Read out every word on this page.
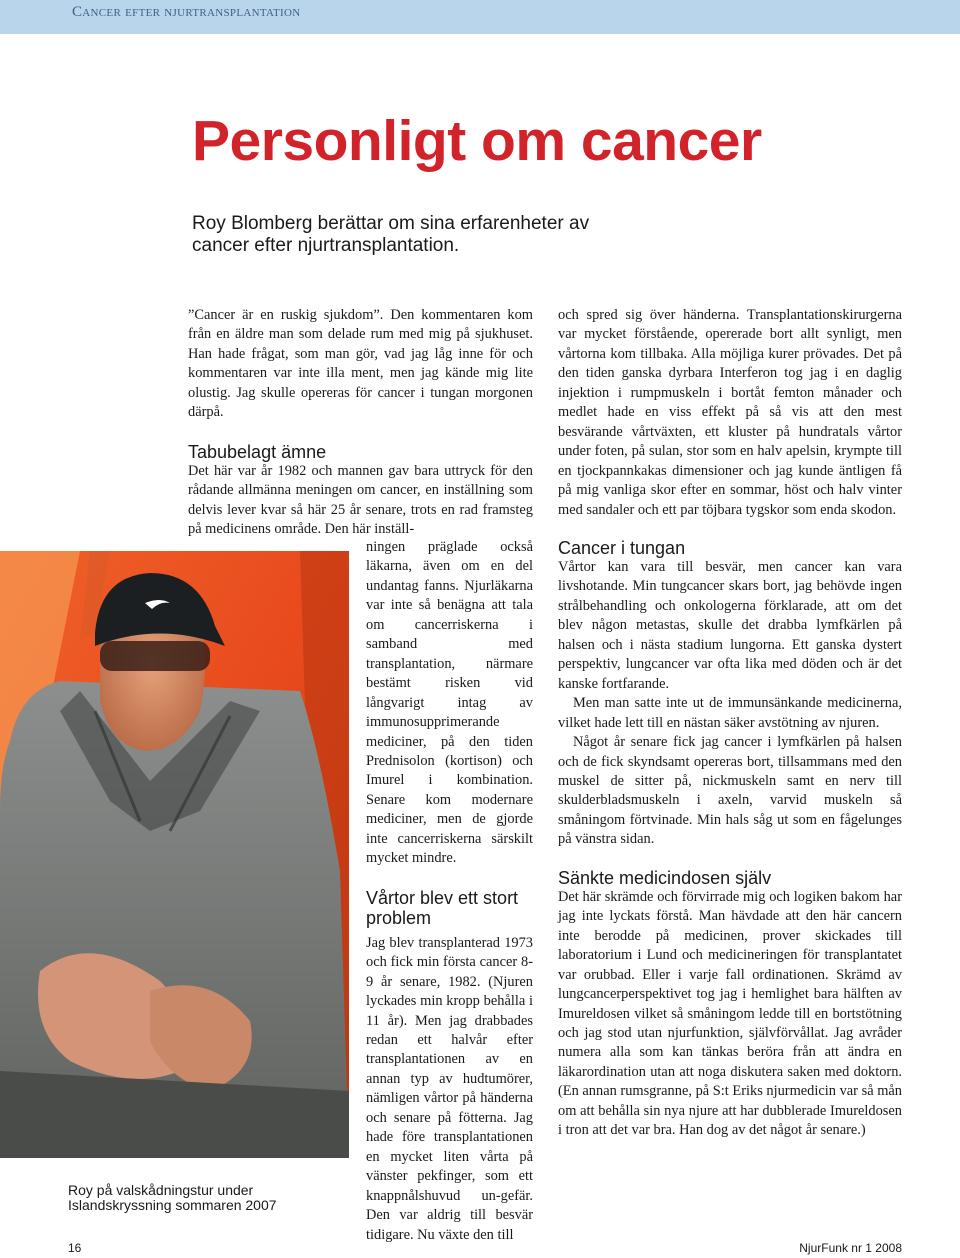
Cancer efter njurtransplantation
Personligt om cancer
Roy Blomberg berättar om sina erfarenheter av cancer efter njurtransplantation.

”Cancer är en ruskig sjukdom”. Den kommentaren kom från en äldre man som delade rum med mig på sjukhuset. Han hade frågat, som man gör, vad jag låg inne för och kommentaren var inte illa ment, men jag kände mig lite olustig. Jag skulle opereras för cancer i tungan morgonen därpå.

Tabubelagt ämne

Det här var år 1982 och mannen gav bara uttryck för den rådande allmänna meningen om cancer, en inställning som delvis lever kvar så här 25 år senare, trots en rad framsteg på medicinens område. Den här inställ-

ningen präglade också läkarna, även om en del undantag fanns. Njurläkarna var inte så benägna att tala om cancerriskerna i samband med transplantation, närmare bestämt risken vid långvarigt intag av immunosupprimerande mediciner, på den tiden Prednisolon (kortison) och Imurel i kombination. Senare kom modernare mediciner, men de gjorde inte cancerriskerna särskilt mycket mindre.

Vårtor blev ett stort problem

Jag blev transplanterad 1973 och fick min första cancer 8-9 år senare, 1982. (Njuren lyckades min kropp behålla i 11 år). Men jag drabbades redan ett halvår efter transplantationen av en annan typ av hudtumörer, nämligen vårtor på händerna och senare på fötterna. Jag hade före transplantationen en mycket liten vårta på vänster pekfinger, som ett knappnålshuvud un-gefär. Den var aldrig till besvär tidigare. Nu växte den till

och spred sig över händerna. Transplantationskirurgerna var mycket förstående, opererade bort allt synligt, men vårtorna kom tillbaka. Alla möjliga kurer prövades. Det på den tiden ganska dyrbara Interferon tog jag i en daglig injektion i rumpmuskeln i bortåt femton månader och medlet hade en viss effekt på så vis att den mest besvärande vårtväxten, ett kluster på hundratals vårtor under foten, på sulan, stor som en halv apelsin, krympte till en tjockpannkakas dimensioner och jag kunde äntligen få på mig vanliga skor efter en sommar, höst och halv vinter med sandaler och ett par töjbara tygskor som enda skodon.

Cancer i tungan

Vårtor kan vara till besvär, men cancer kan vara livshotande. Min tungcancer skars bort, jag behövde ingen strålbehandling och onkologerna förklarade, att om det blev någon metastas, skulle det drabba lymfkärlen på halsen och i nästa stadium lungorna. Ett ganska dystert perspektiv, lungcancer var ofta lika med döden och är det kanske fortfarande.

Men man satte inte ut de immunsänkande medicinerna, vilket hade lett till en nästan säker avstötning av njuren.

Något år senare fick jag cancer i lymfkärlen på halsen och de fick skyndsamt opereras bort, tillsammans med den muskel de sitter på, nickmuskeln samt en nerv till skulderbladsmuskeln i axeln, varvid muskeln så småningom förtvinade. Min hals såg ut som en fågelunges på vänstra sidan.

Sänkte medicindosen själv

Det här skrämde och förvirrade mig och logiken bakom har jag inte lyckats förstå. Man hävdade att den här cancern inte berodde på medicinen, prover skickades till laboratorium i Lund och medicineringen för transplantatet var orubbad. Eller i varje fall ordinationen. Skrämd av lungcancerperspektivet tog jag i hemlighet bara hälften av Imureldosen vilket så småningom ledde till en bortstötning och jag stod utan njurfunktion, självförvållat. Jag avråder numera alla som kan tänkas beröra från att ändra en läkarordination utan att noga diskutera saken med doktorn. (En annan rumsgranne, på S:t Eriks njurmedicin var så mån om att behålla sin nya njure att har dubblerade Imureldosen i tron att det var bra. Han dog av det något år senare.)

Roy på valskådningstur under Islandskryssning sommaren 2007
16	NjurFunk nr 1 2008
